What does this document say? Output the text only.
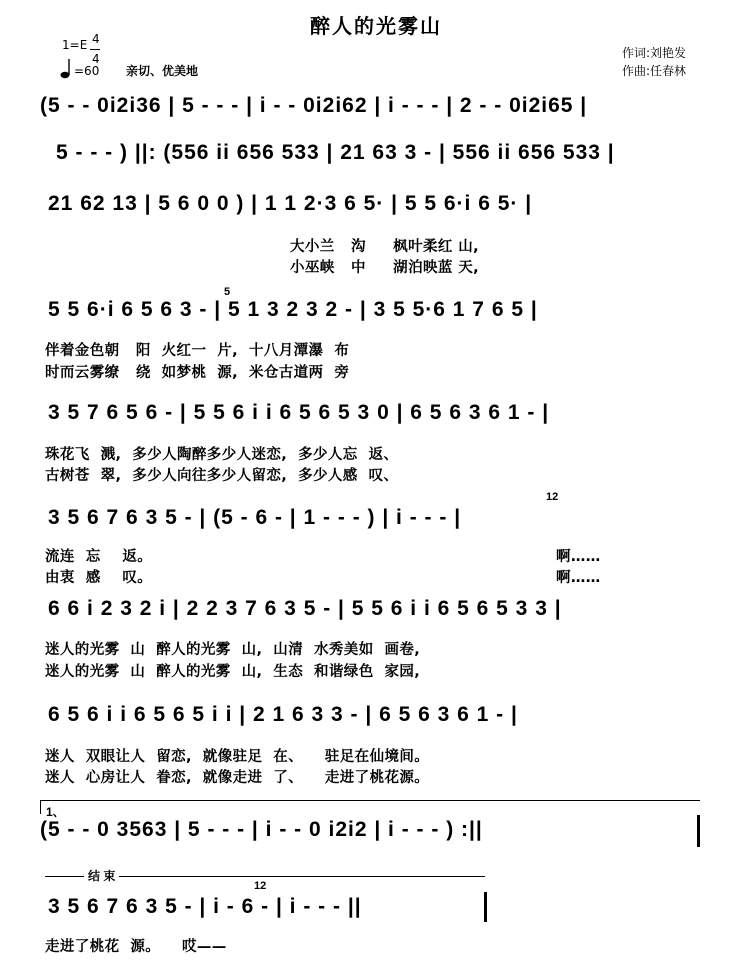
醉人的光雾山
1=E 4
4
=60 亲切、优美地
作词:刘艳发
作曲:任春林
(5 - - 0i2i36 | 5 - - - | i - - 0i2i62 | i - - - | 2 - - 0i2i65 |
5 - - - ) ||: (556 ii 656 533 | 21 63 3 - | 556 ii 656 533 |
21 62 13 | 5 6 0 0 ) | 1 1 2·3 6 5· | 5 5 6·i 6 5· |
5 5 6·i 6 5 6 3 - | 5 1 3 2 3 2 - | 3 5 5·6 1 7 6 5 |
3 5 7 6 5 6 - | 5 5 6 i i 6 5 6 5 3 0 | 6 5 6 3 6 1 - |
3 5 6 7 6 3 5 - | (5 - 6 - | 1 - - - ) | i - - - |
6 6 i 2 3 2 i | 2 2 3 7 6 3 5 - | 5 5 6 i i 6 5 6 5 3 3 |
6 5 6 i i 6 5 6 5 i i | 2 1 6 3 3 - | 6 5 6 3 6 1 - |
(5 - - 0 3563 | 5 - - - | i - - 0 i2i2 | i - - - ) :||
3 5 6 7 6 3 5 - | i - 6 - | i - - - ||
5
12
12
大小兰   沟     枫叶柔红 山,
小巫峡   中     湖泊映蓝 天,
伴着金色朝   阳  火红一  片,  十八月潭瀑  布
时而云雾缭   绕  如梦桃  源,  米仓古道两  旁
珠花飞  溅,  多少人陶醉多少人迷恋,  多少人忘  返、
古树苍  翠,  多少人向往多少人留恋,  多少人感  叹、
流连  忘    返。
由衷  感    叹。
啊……
啊……
迷人的光雾  山  醉人的光雾  山,  山清  水秀美如  画卷,
迷人的光雾  山  醉人的光雾  山,  生态  和谐绿色  家园,
迷人  双眼让人  留恋,  就像驻足  在、    驻足在仙境间。
迷人  心房让人  眷恋,  就像走进  了、    走进了桃花源。
走进了桃花  源。    哎——
1、
结 束
